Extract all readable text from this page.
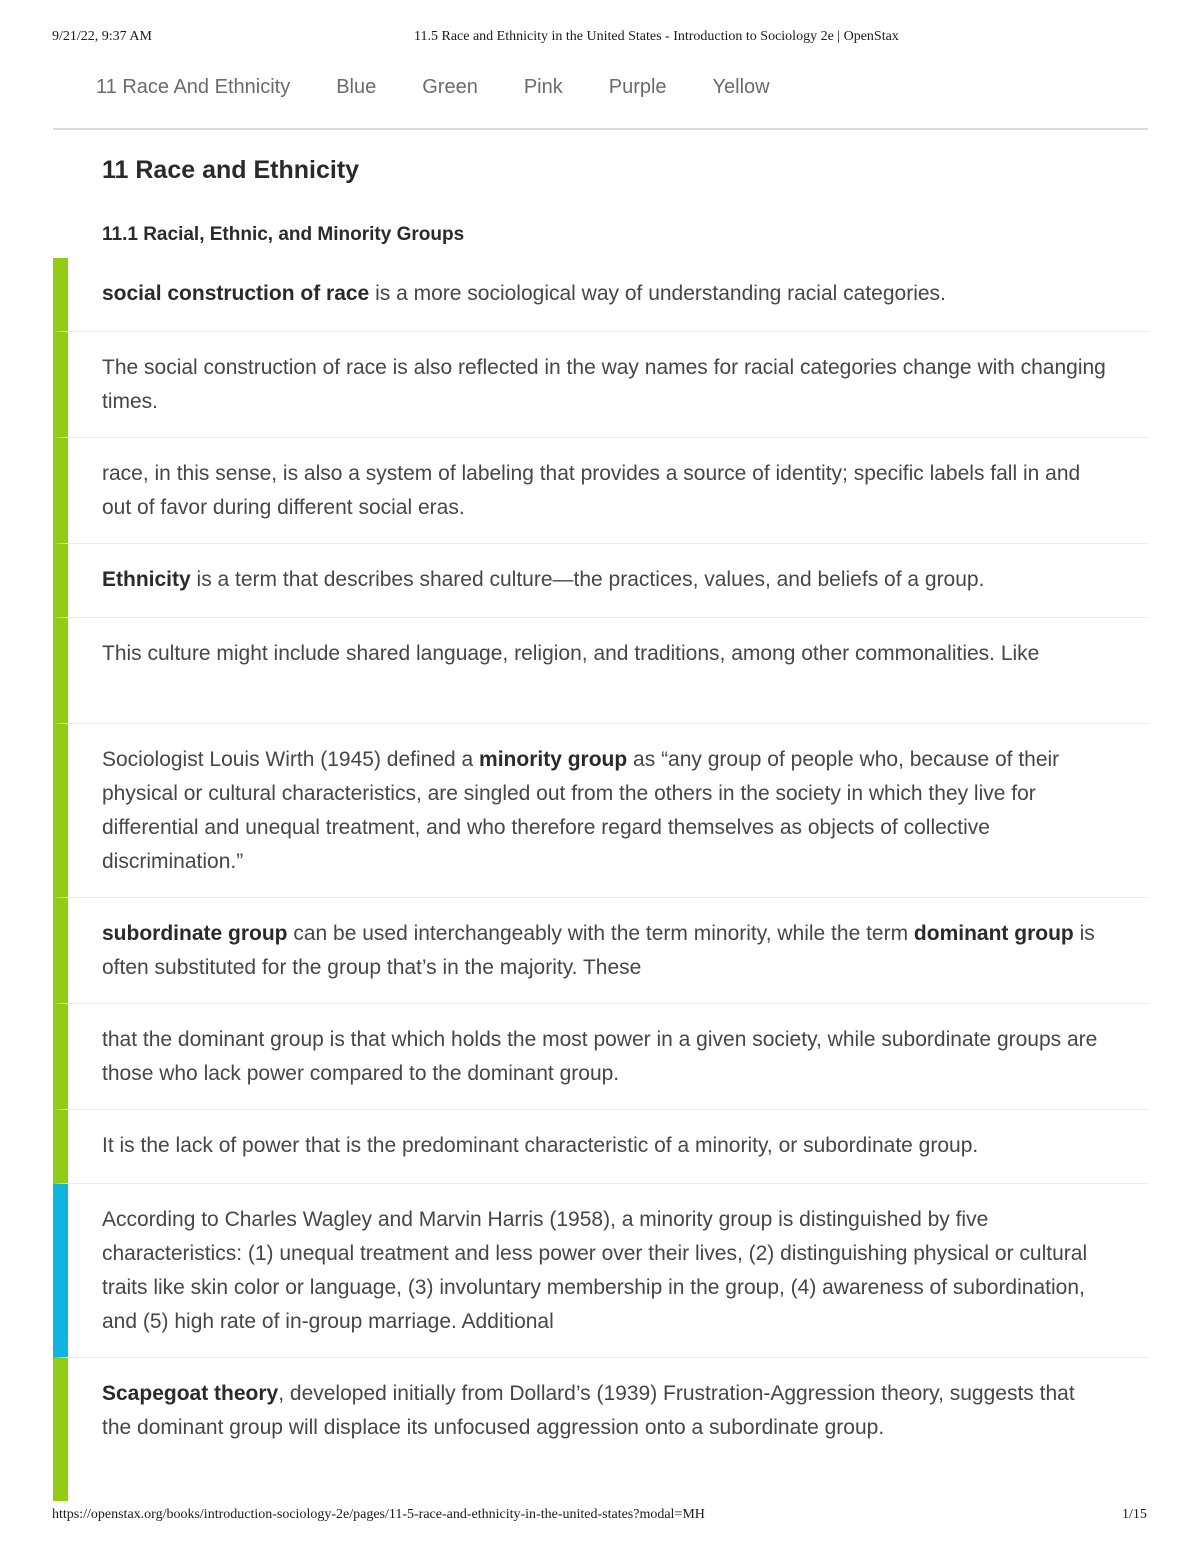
9/21/22, 9:37 AM	11.5 Race and Ethnicity in the United States - Introduction to Sociology 2e | OpenStax
11 Race And Ethnicity Blue Green Pink Purple Yellow
11 Race and Ethnicity
11.1 Racial, Ethnic, and Minority Groups
social construction of race is a more sociological way of understanding racial categories.
The social construction of race is also reflected in the way names for racial categories change with changing times.
race, in this sense, is also a system of labeling that provides a source of identity; specific labels fall in and out of favor during different social eras.
Ethnicity is a term that describes shared culture—the practices, values, and beliefs of a group.
This culture might include shared language, religion, and traditions, among other commonalities. Like
Sociologist Louis Wirth (1945) defined a minority group as “any group of people who, because of their physical or cultural characteristics, are singled out from the others in the society in which they live for differential and unequal treatment, and who therefore regard themselves as objects of collective discrimination.”
subordinate group can be used interchangeably with the term minority, while the term dominant group is often substituted for the group that’s in the majority. These
that the dominant group is that which holds the most power in a given society, while subordinate groups are those who lack power compared to the dominant group.
It is the lack of power that is the predominant characteristic of a minority, or subordinate group.
According to Charles Wagley and Marvin Harris (1958), a minority group is distinguished by five characteristics: (1) unequal treatment and less power over their lives, (2) distinguishing physical or cultural traits like skin color or language, (3) involuntary membership in the group, (4) awareness of subordination, and (5) high rate of in-group marriage. Additional
Scapegoat theory, developed initially from Dollard’s (1939) Frustration-Aggression theory, suggests that the dominant group will displace its unfocused aggression onto a subordinate group.
https://openstax.org/books/introduction-sociology-2e/pages/11-5-race-and-ethnicity-in-the-united-states?modal=MH	1/15
